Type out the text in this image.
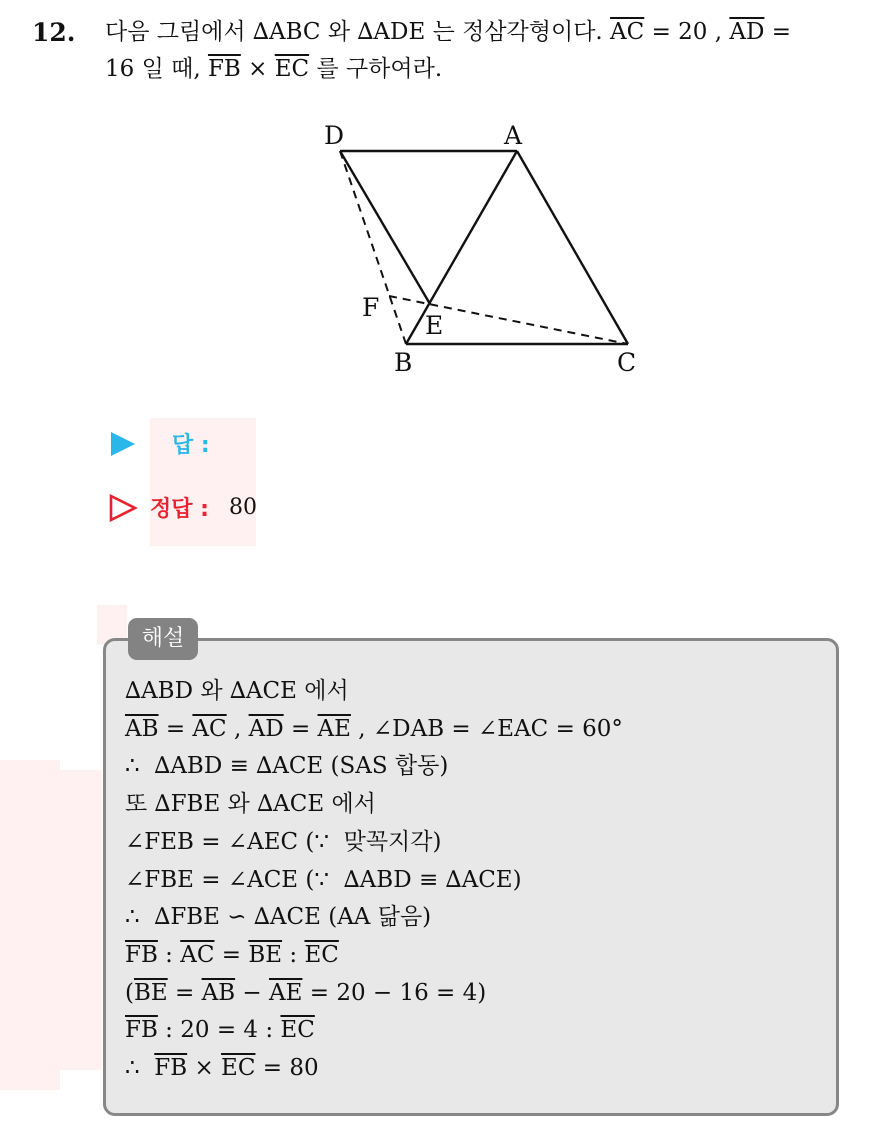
12. 다음 그림에서 ∆ABC 와 ∆ADE 는 정삼각형이다. $\overline{AC} = 20$ , $\overline{AD}$ =
16 일 때, $\overline{FB} \times \overline{EC}$ 를 구하여라.
D	A
F
E
B	C
답 :
정답 : 80
해설
∆ABD 와 ∆ACE 에서
$\overline{AB} = \overline{AC}$ , $\overline{AD} = \overline{AE}$ , ∠DAB = ∠EAC = 60°
∴  ∆ABD ≡ ∆ACE (SAS 합동)
또 ∆FBE 와 ∆ACE 에서
∠FEB = ∠AEC (∵  맞꼭지각)
∠FBE = ∠ACE (∵  ∆ABD ≡ ∆ACE)
∴  ∆FBE ∽ ∆ACE (AA 닮음)
$\overline{FB}$ : $\overline{AC} = \overline{BE}$ : $\overline{EC}$
$(\overline{BE} = \overline{AB} - \overline{AE} = 20 - 16 = 4)$
$\overline{FB}$ : 20 = 4 : $\overline{EC}$
∴  $\overline{FB} \times \overline{EC} = 80$
